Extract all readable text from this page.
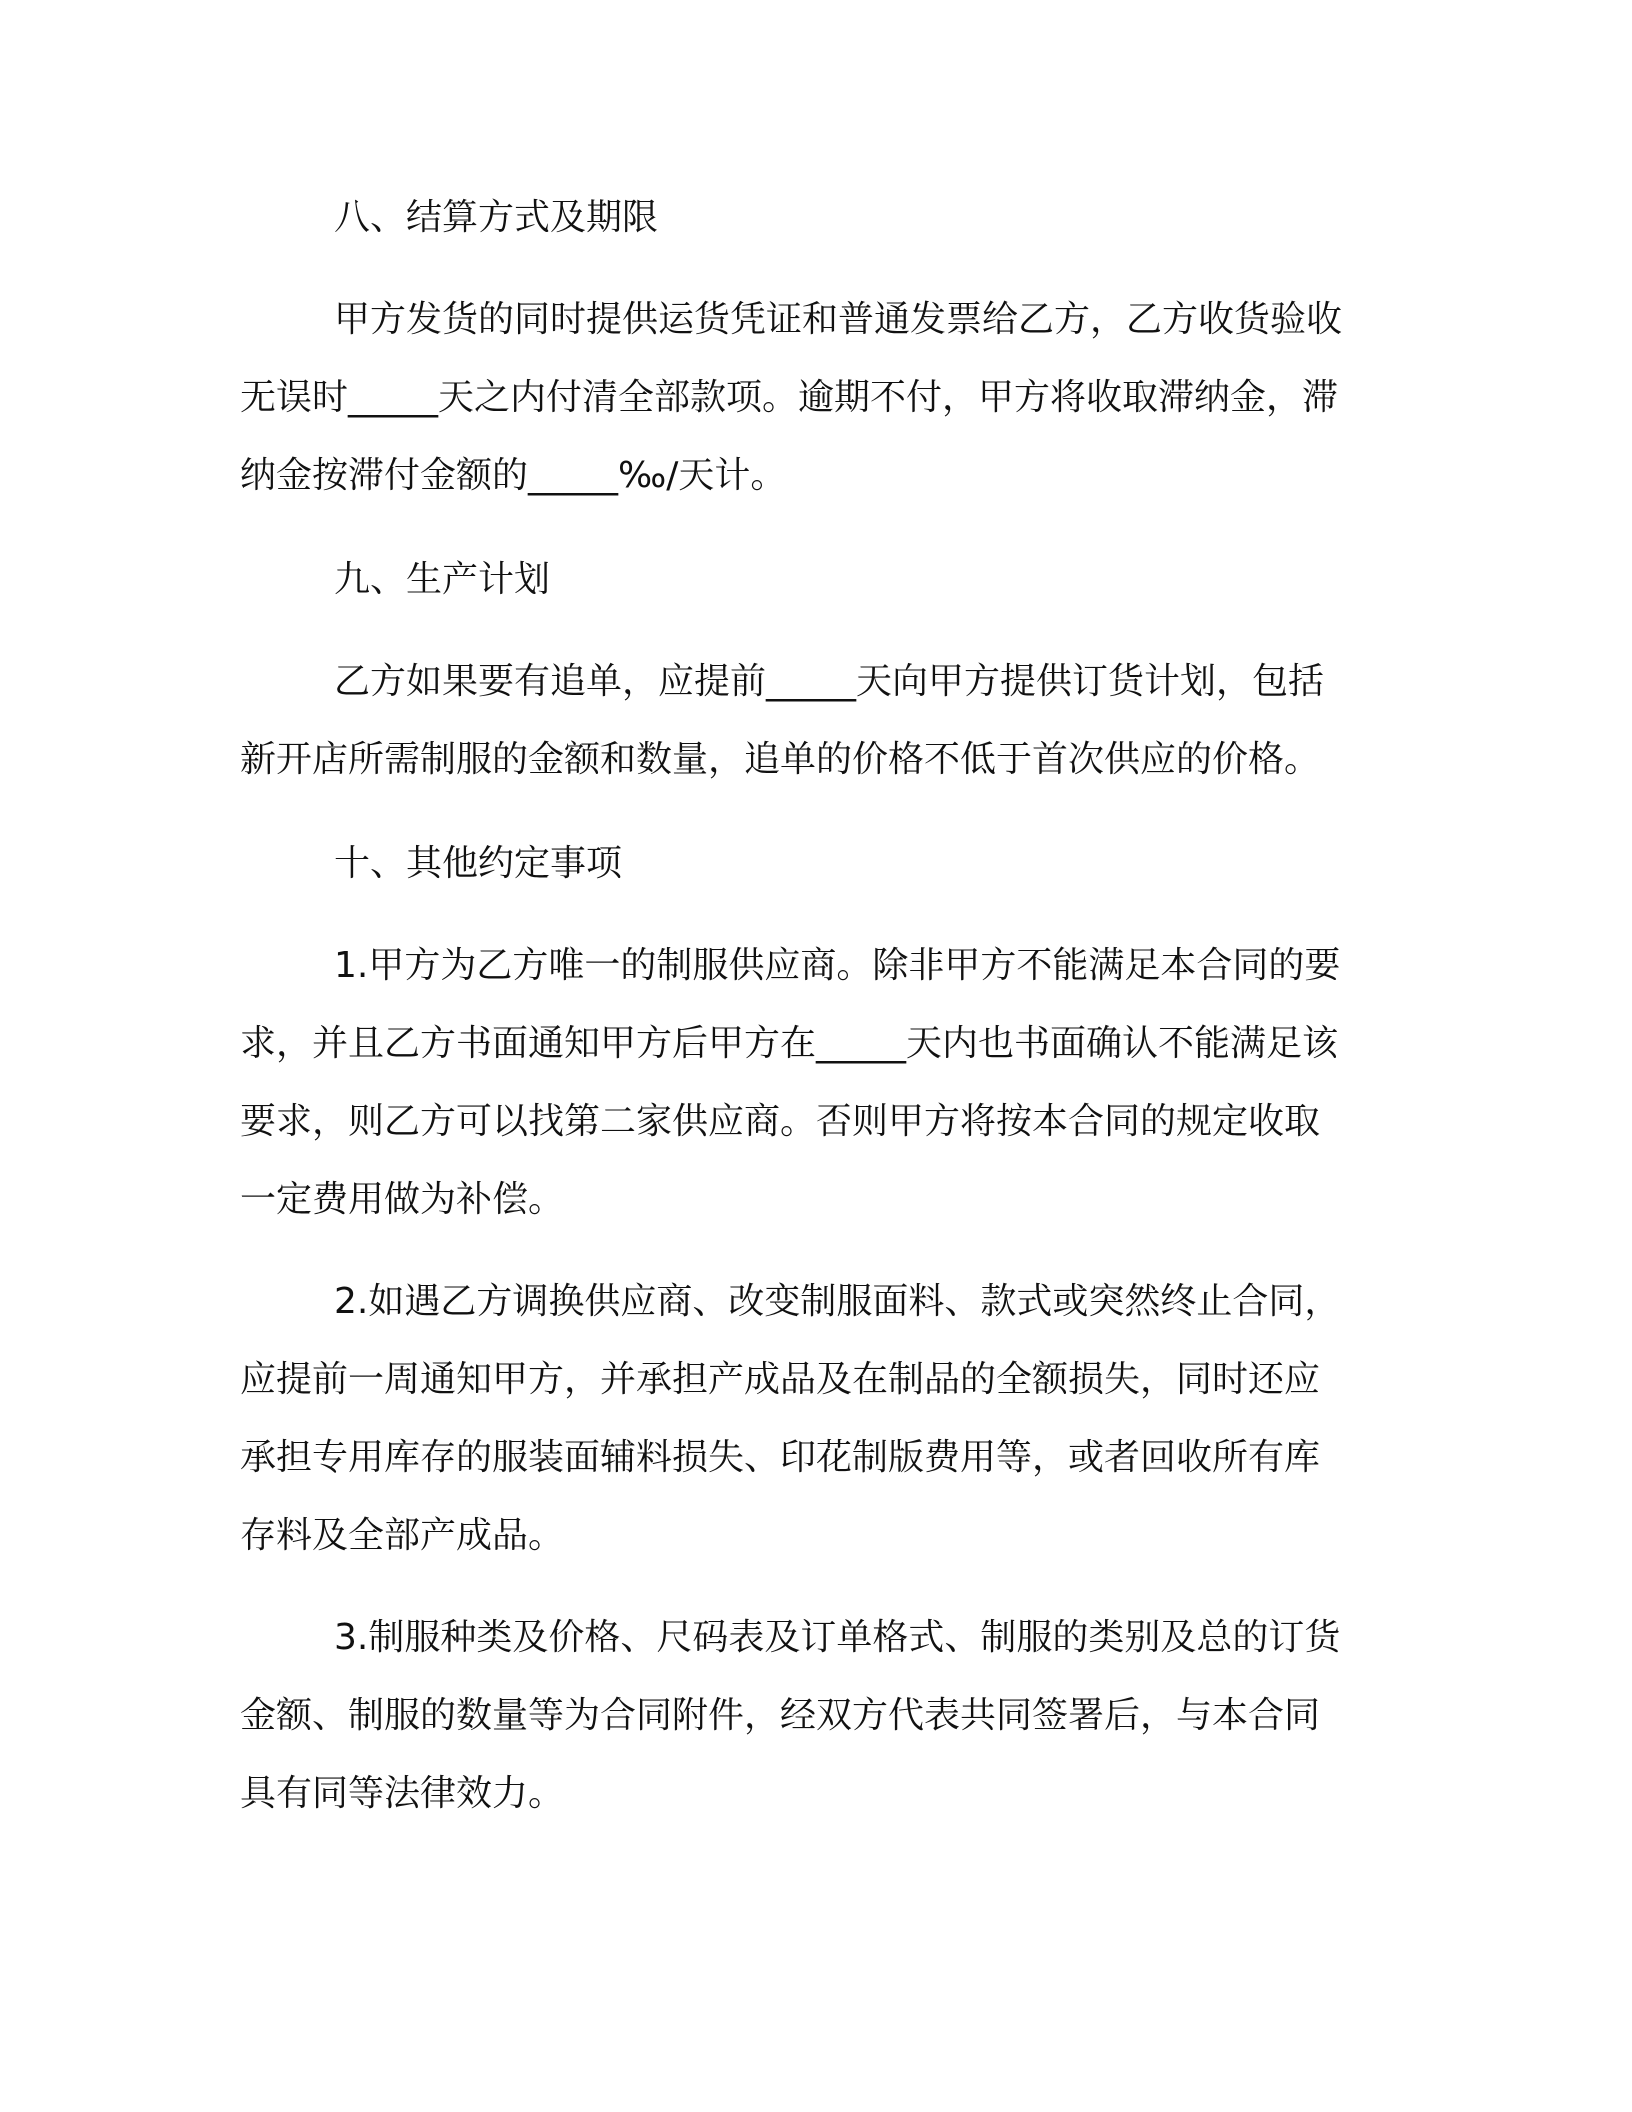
八、结算方式及期限
甲方发货的同时提供运货凭证和普通发票给乙方，乙方收货验收
无误时_____天之内付清全部款项。逾期不付，甲方将收取滞纳金，滞
纳金按滞付金额的_____‰/天计。
九、生产计划
乙方如果要有追单，应提前_____天向甲方提供订货计划，包括
新开店所需制服的金额和数量，追单的价格不低于首次供应的价格。
十、其他约定事项
1.甲方为乙方唯一的制服供应商。除非甲方不能满足本合同的要
求，并且乙方书面通知甲方后甲方在_____天内也书面确认不能满足该
要求，则乙方可以找第二家供应商。否则甲方将按本合同的规定收取
一定费用做为补偿。
2.如遇乙方调换供应商、改变制服面料、款式或突然终止合同，
应提前一周通知甲方，并承担产成品及在制品的全额损失，同时还应
承担专用库存的服装面辅料损失、印花制版费用等，或者回收所有库
存料及全部产成品。
3.制服种类及价格、尺码表及订单格式、制服的类别及总的订货
金额、制服的数量等为合同附件，经双方代表共同签署后，与本合同
具有同等法律效力。
